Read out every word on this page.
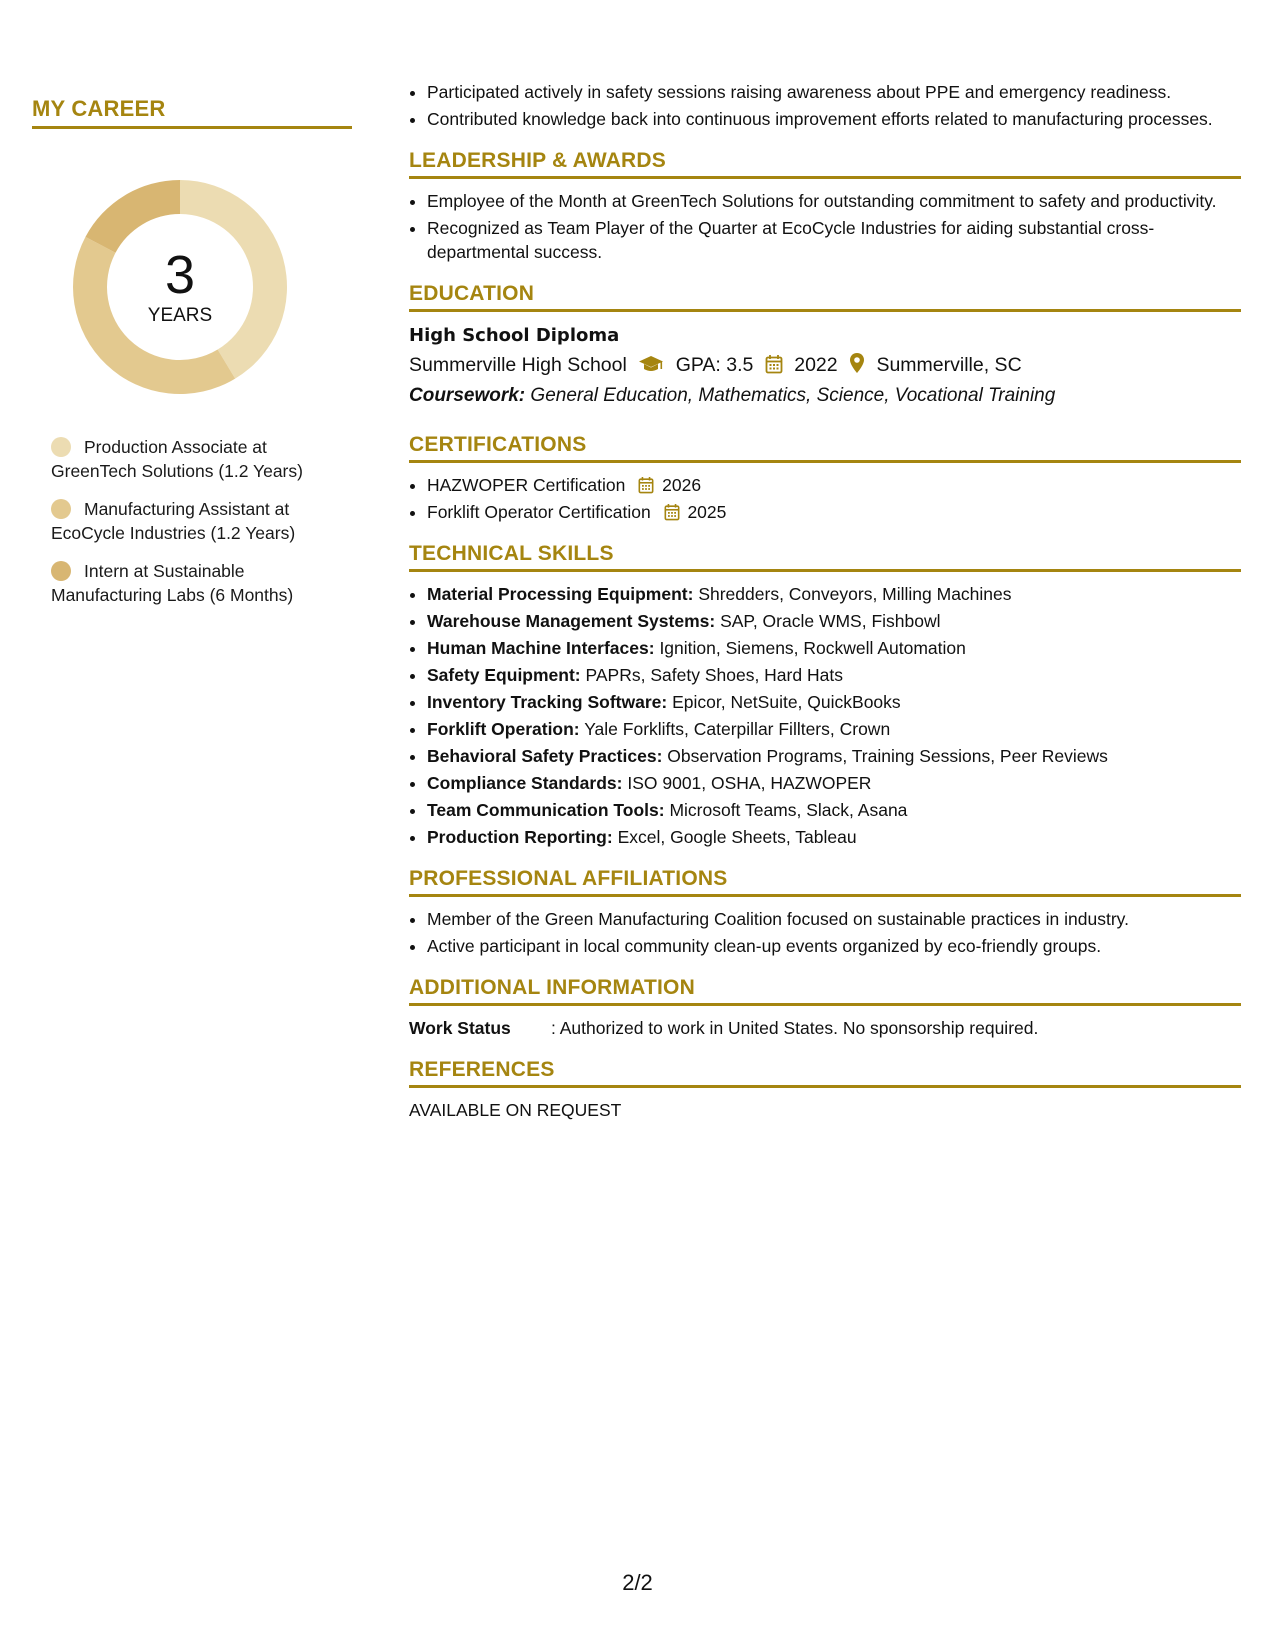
MY CAREER
3
YEARS
Production Associate at GreenTech Solutions (1.2 Years)
Manufacturing Assistant at EcoCycle Industries (1.2 Years)
Intern at Sustainable Manufacturing Labs (6 Months)
• Participated actively in safety sessions raising awareness about PPE and emergency readiness.
• Contributed knowledge back into continuous improvement efforts related to manufacturing processes.
LEADERSHIP & AWARDS
• Employee of the Month at GreenTech Solutions for outstanding commitment to safety and productivity.
• Recognized as Team Player of the Quarter at EcoCycle Industries for aiding substantial cross-departmental success.
EDUCATION
High School Diploma
Summerville High School	GPA: 3.5 2022 Summerville, SC
Coursework: General Education, Mathematics, Science, Vocational Training
CERTIFICATIONS
• HAZWOPER Certification 2026
• Forklift Operator Certification 2025
TECHNICAL SKILLS
• Material Processing Equipment: Shredders, Conveyors, Milling Machines
• Warehouse Management Systems: SAP, Oracle WMS, Fishbowl
• Human Machine Interfaces: Ignition, Siemens, Rockwell Automation
• Safety Equipment: PAPRs, Safety Shoes, Hard Hats
• Inventory Tracking Software: Epicor, NetSuite, QuickBooks
• Forklift Operation: Yale Forklifts, Caterpillar Fillters, Crown
• Behavioral Safety Practices: Observation Programs, Training Sessions, Peer Reviews
• Compliance Standards: ISO 9001, OSHA, HAZWOPER
• Team Communication Tools: Microsoft Teams, Slack, Asana
• Production Reporting: Excel, Google Sheets, Tableau
PROFESSIONAL AFFILIATIONS
• Member of the Green Manufacturing Coalition focused on sustainable practices in industry.
• Active participant in local community clean-up events organized by eco-friendly groups.
ADDITIONAL INFORMATION
Work Status : Authorized to work in United States. No sponsorship required.
REFERENCES
AVAILABLE ON REQUEST
2/2
